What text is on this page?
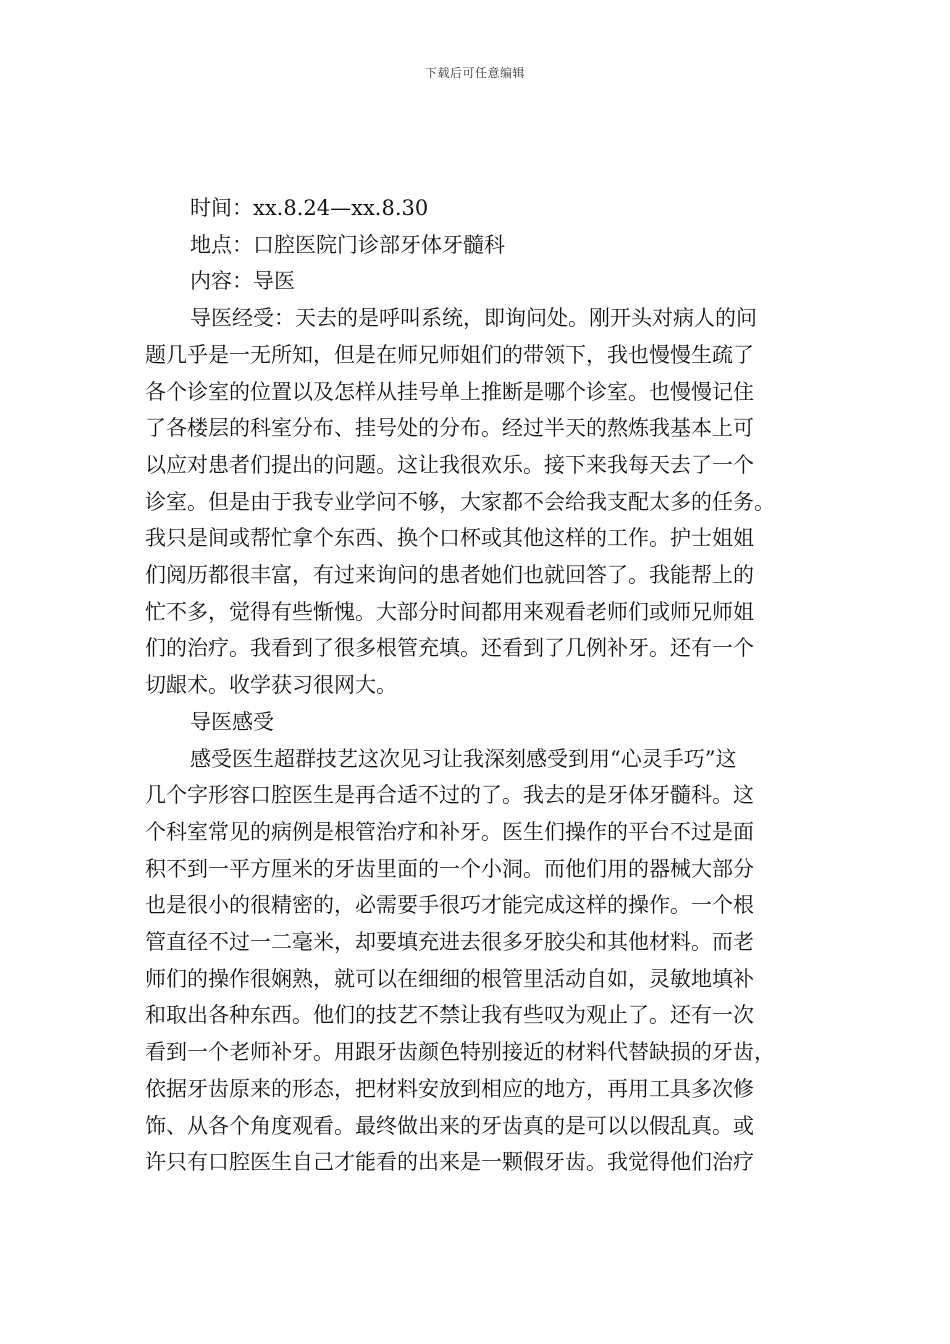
下载后可任意编辑
时间：xx.8.24—xx.8.30
地点：口腔医院门诊部牙体牙髓科
内容：导医
导医经受：天去的是呼叫系统，即询问处。刚开头对病人的问
题几乎是一无所知，但是在师兄师姐们的带领下，我也慢慢生疏了
各个诊室的位置以及怎样从挂号单上推断是哪个诊室。也慢慢记住
了各楼层的科室分布、挂号处的分布。经过半天的熬炼我基本上可
以应对患者们提出的问题。这让我很欢乐。接下来我每天去了一个
诊室。但是由于我专业学问不够，大家都不会给我支配太多的任务。
我只是间或帮忙拿个东西、换个口杯或其他这样的工作。护士姐姐
们阅历都很丰富，有过来询问的患者她们也就回答了。我能帮上的
忙不多，觉得有些惭愧。大部分时间都用来观看老师们或师兄师姐
们的治疗。我看到了很多根管充填。还看到了几例补牙。还有一个
切龈术。收学获习很网大。
导医感受
感受医生超群技艺这次见习让我深刻感受到用“心灵手巧”这
几个字形容口腔医生是再合适不过的了。我去的是牙体牙髓科。这
个科室常见的病例是根管治疗和补牙。医生们操作的平台不过是面
积不到一平方厘米的牙齿里面的一个小洞。而他们用的器械大部分
也是很小的很精密的，必需要手很巧才能完成这样的操作。一个根
管直径不过一二毫米，却要填充进去很多牙胶尖和其他材料。而老
师们的操作很娴熟，就可以在细细的根管里活动自如，灵敏地填补
和取出各种东西。他们的技艺不禁让我有些叹为观止了。还有一次
看到一个老师补牙。用跟牙齿颜色特别接近的材料代替缺损的牙齿，
依据牙齿原来的形态，把材料安放到相应的地方，再用工具多次修
饰、从各个角度观看。最终做出来的牙齿真的是可以以假乱真。或
许只有口腔医生自己才能看的出来是一颗假牙齿。我觉得他们治疗
